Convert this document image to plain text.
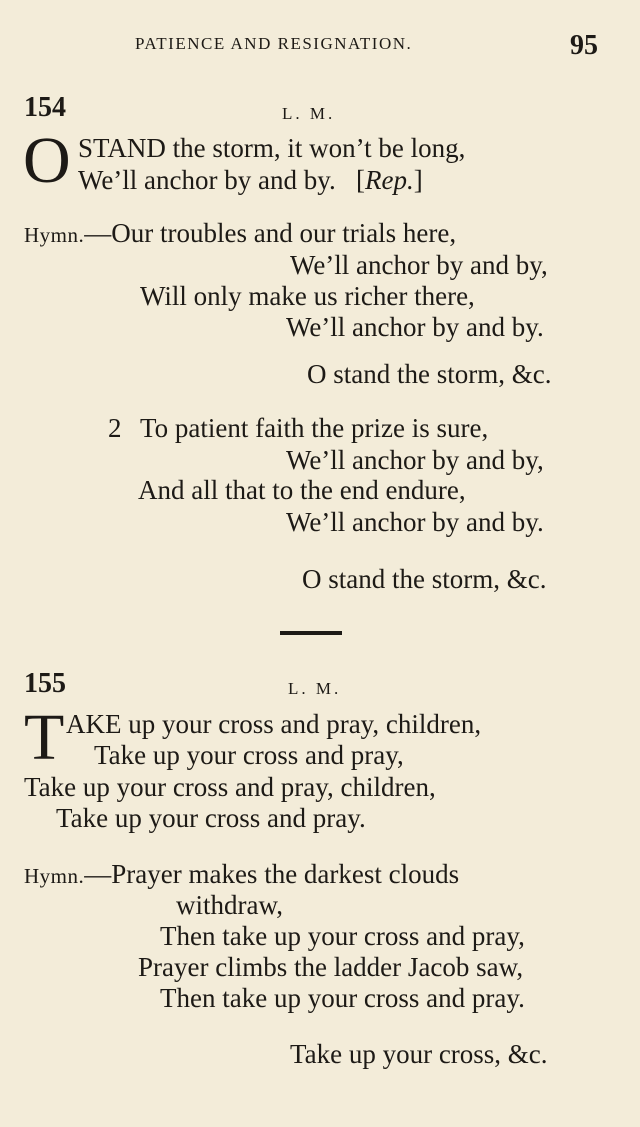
PATIENCE AND RESIGNATION.	95
154	L. M.
O STAND the storm, it won’t be long,
We’ll anchor by and by. [Rep.]
Hymn.—Our troubles and our trials here,
We’ll anchor by and by,
Will only make us richer there,
We’ll anchor by and by.
O stand the storm, &c.
2 To patient faith the prize is sure,
We’ll anchor by and by,
And all that to the end endure,
We’ll anchor by and by.
O stand the storm, &c.
155	L. M.
T AKE up your cross and pray, children,
Take up your cross and pray,
Take up your cross and pray, children,
Take up your cross and pray.
Hymn.—Prayer makes the darkest clouds
withdraw,
Then take up your cross and pray,
Prayer climbs the ladder Jacob saw,
Then take up your cross and pray.
Take up your cross, &c.
